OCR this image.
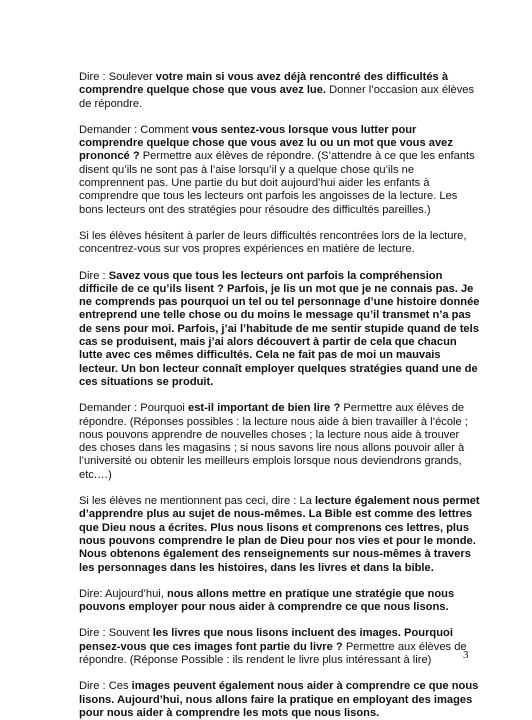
Dire : Soulever votre main si vous avez déjà rencontré des difficultés à comprendre quelque chose que vous avez lue. Donner l’occasion aux élèves de répondre.

Demander : Comment vous sentez-vous lorsque vous lutter pour comprendre quelque chose que vous avez lu ou un mot que vous avez prononcé ? Permettre aux élèves de répondre. (S’attendre à ce que les enfants disent qu’ils ne sont pas à l’aise lorsqu’il y a quelque chose qu’ils ne comprennent pas. Une partie du but doit aujourd’hui aider les enfants à comprendre que tous les lecteurs ont parfois les angoisses de la lecture. Les bons lecteurs ont des stratégies pour résoudre des difficultés pareilles.)

Si les élèves hésitent à parler de leurs difficultés rencontrées lors de la lecture, concentrez-vous sur vos propres expériences en matière de lecture.

Dire : Savez vous que tous les lecteurs ont parfois la compréhension difficile de ce qu’ils lisent ? Parfois, je lis un mot que je ne connais pas. Je ne comprends pas pourquoi un tel ou tel personnage d’une histoire donnée entreprend une telle chose ou du moins le message qu’il transmet n’a pas de sens pour moi. Parfois, j’ai l’habitude de me sentir stupide quand de tels cas se produisent, mais j’ai alors découvert à partir de cela que chacun lutte avec ces mêmes difficultés. Cela ne fait pas de moi un mauvais lecteur. Un bon lecteur connaît employer quelques stratégies quand une de ces situations se produit.

Demander : Pourquoi est-il important de bien lire ? Permettre aux élèves de répondre. (Réponses possibles : la lecture nous aide à bien travailler à l’école ; nous pouvons apprendre de nouvelles choses ; la lecture nous aide à trouver des choses dans les magasins ; si nous savons lire nous allons pouvoir aller à l’université ou obtenir les meilleurs emplois lorsque nous deviendrons grands, etc.…)

Si les élèves ne mentionnent pas ceci, dire : La lecture également nous permet d’apprendre plus au sujet de nous-mêmes. La Bible est comme des lettres que Dieu nous a écrites. Plus nous lisons et comprenons ces lettres, plus nous pouvons comprendre le plan de Dieu pour nos vies et pour le monde. Nous obtenons également des renseignements sur nous-mêmes à travers les personnages dans les histoires, dans les livres et dans la bible.

Dire: Aujourd’hui, nous allons mettre en pratique une stratégie que nous pouvons employer pour nous aider à comprendre ce que nous lisons.

Dire : Souvent les livres que nous lisons incluent des images. Pourquoi pensez-vous que ces images font partie du livre ? Permettre aux élèves de répondre. (Réponse Possible : ils rendent le livre plus intéressant à lire)

Dire : Ces images peuvent également nous aider à comprendre ce que nous lisons. Aujourd’hui, nous allons faire la pratique en employant des images pour nous aider à comprendre les mots que nous lisons.

3
